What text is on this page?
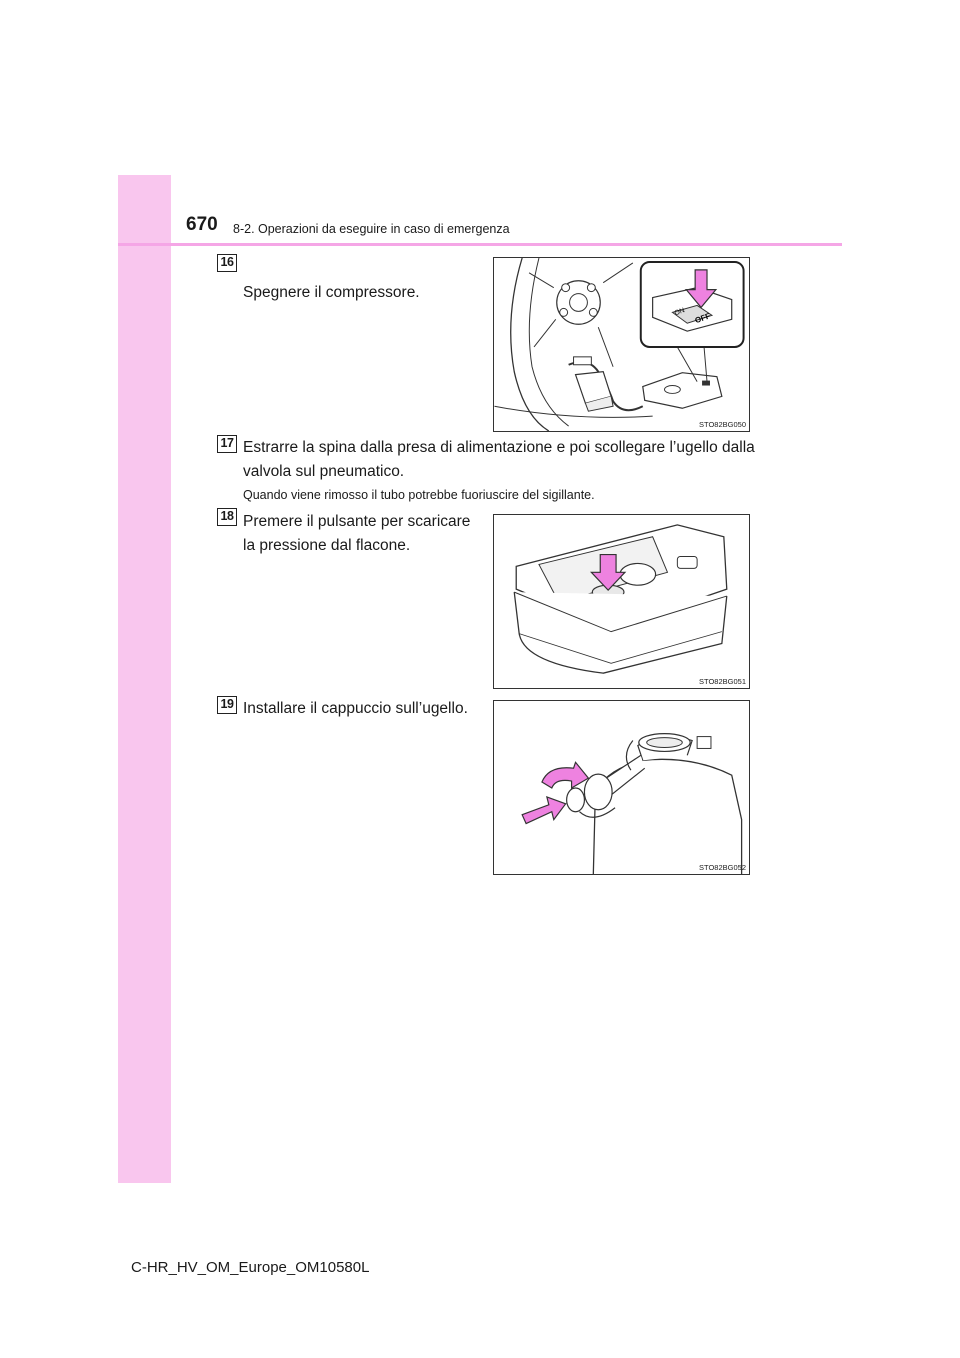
670 8-2. Operazioni da eseguire in caso di emergenza
16
Spegnere il compressore.
ON OFF
STO82BG050
17 Estrarre la spina dalla presa di alimentazione e poi scollegare l’ugello dalla
valvola sul pneumatico.
Quando viene rimosso il tubo potrebbe fuoriuscire del sigillante.
18 Premere il pulsante per scaricare
la pressione dal flacone.
STO82BG051
19 Installare il cappuccio sull’ugello.
STO82BG052
C-HR_HV_OM_Europe_OM10580L
